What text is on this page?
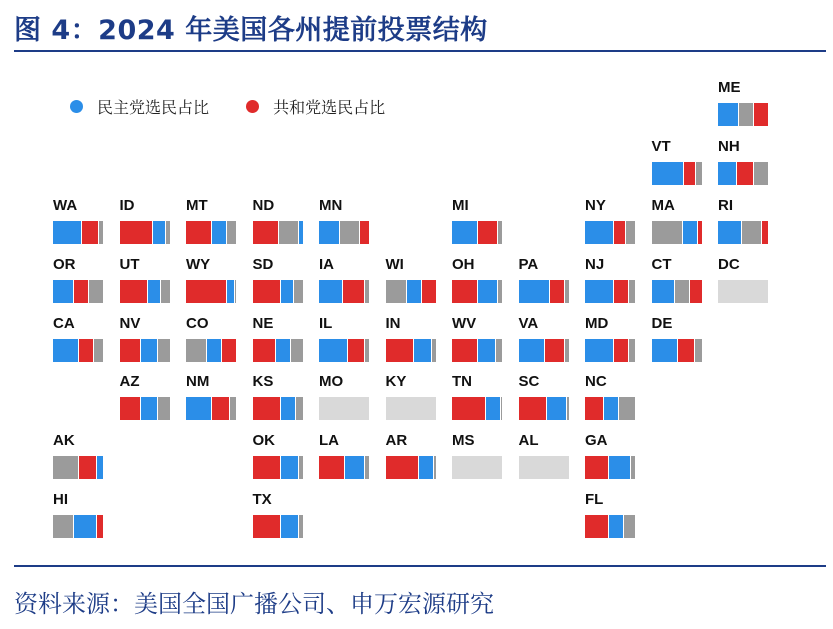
图 4：2024 年美国各州提前投票结构
民主党选民占比
	共和党选民占比
ME
VT	NH
WA	ID	MT	ND	MN	MI	NY	MA	RI
OR	UT	WY	SD	IA	WI	OH	PA	NJ	CT	DC
CA	NV	CO	NE	IL	IN	WV	VA	MD	DE
AZ	NM	KS	MO	KY	TN	SC	NC
AK	OK	LA	AR	MS	AL	GA
HI	TX	FL
资料来源：美国全国广播公司、申万宏源研究
